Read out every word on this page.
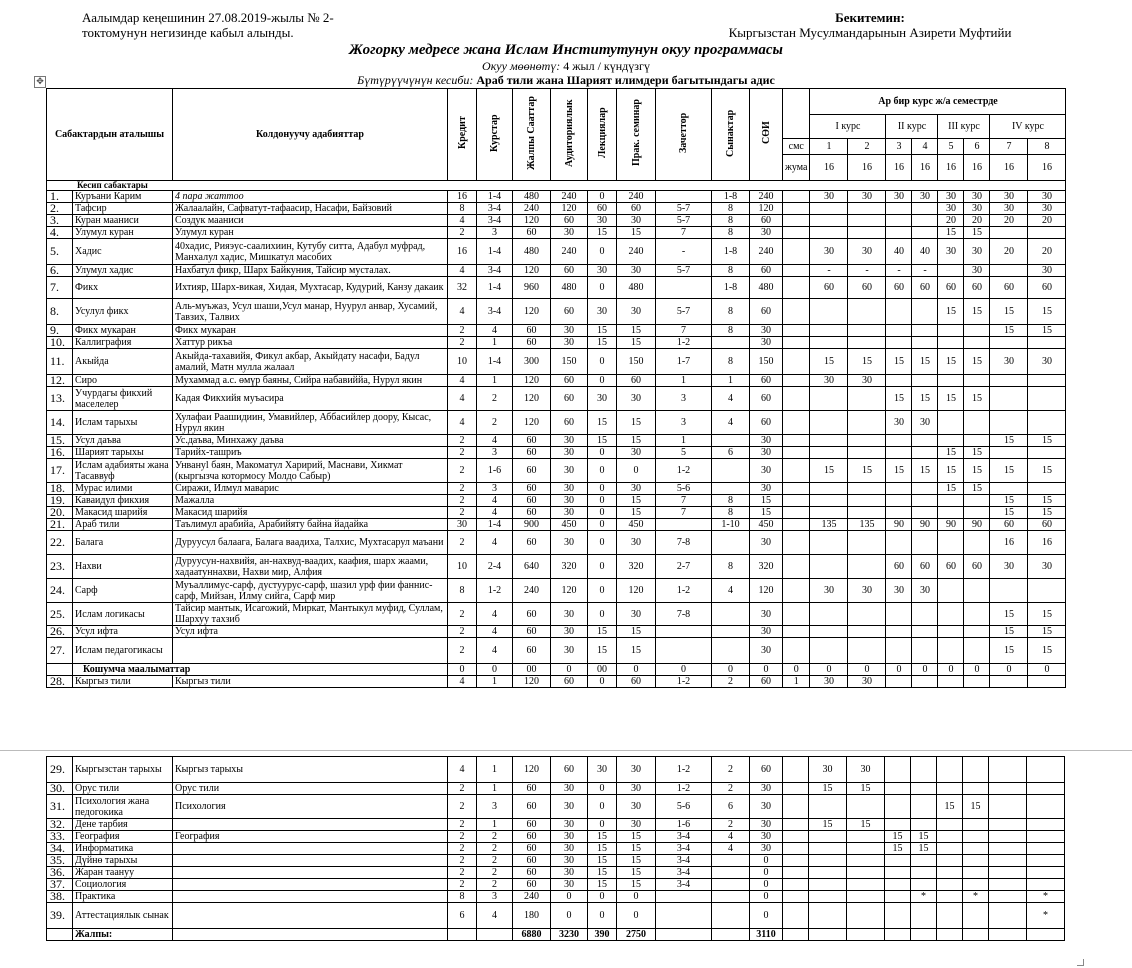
Аалымдар кеңешинин 27.08.2019-жылы № 2-
токтомунун негизинде кабыл алынды.
Бекитемин:
Кыргызстан Мусулмандарынын Азирети Муфтийи
Жогорку медресе жана Ислам Институтунун окуу программасы
Окуу мөөнөтү: 4 жыл / күндүзгү
Бүтүрүүчүнүн кесиби: Араб тили жана Шарият илимдери багытындагы адис
✥
Сабактардын аталышы		Колдонуучу адабияттар	Кредит	Курстар	Жалпы Сааттар	Аудиториялык	Лекциялар	Прак. семинар	Зачеттор	Сынактар	СӨИ		Ар бир курс ж/а семестрде							
													I курс		II курс		III курс		IV курс	
												смс	1	2	3	4	5	6	7	8
												жума	16	16	16	16	16	16	16	16
Кесип сабактары																				
1.	Куръани Карим	4 пара жаттоо	16	1-4	480	240	0	240		1-8	240		30	30	30	30	30	30	30	30
2.	Тафсир	Жалаалайн, Сафватут-тафаасир, Насафи, Байзовий	8	3-4	240	120	60	60	5-7	8	120						30	30	30	30
3.	Куран мааниси	Создук мааниси	4	3-4	120	60	30	30	5-7	8	60						20	20	20	20
4.	Улумул куран	Улумул куран	2	3	60	30	15	15	7	8	30						15	15		
5.	Хадис	40хадис, Рияэус-саалихиин, Кутубу ситта, Адабул муфрад, Манхалул хадис, Мишкатул масобих	16	1-4	480	240	0	240	-	1-8	240		30	30	40	40	30	30	20	20
6.	Улумул хадис	Нахбатул фикр, Шарх Байкуния, Тайсир мусталах.	4	3-4	120	60	30	30	5-7	8	60		-	-	-	-		30		30
7.	Фикх	Ихтияр, Шарх-викая, Хидая, Мухтасар, Кудурий, Канзу дакаик	32	1-4	960	480	0	480		1-8	480		60	60	60	60	60	60	60	60
8.	Усулул фикх	Аль-муъжаз, Усул шаши,Усул манар, Нуурул анвар, Хусамий, Тавзих, Талвих	4	3-4	120	60	30	30	5-7	8	60						15	15	15	15
9.	Фикх мукаран	Фикх мукаран	2	4	60	30	15	15	7	8	30								15	15
10.	Каллиграфия	Хаттур рикъа	2	1	60	30	15	15	1-2		30									
11.	Акыйда	Акыйда-тахавийя, Фикул акбар, Акыйдату насафи, Бадул амалий, Матн мулла жалаал	10	1-4	300	150	0	150	1-7	8	150		15	15	15	15	15	15	30	30
12.	Сиро	Мухаммад а.с. өмүр баяны, Сийра набавиййа, Нурул якин	4	1	120	60	0	60	1	1	60		30	30						
13.	Учурдагы фикхий маселелер	Кадая Фикхийя муъасира	4	2	120	60	30	30	3	4	60				15	15	15	15		
14.	Ислам тарыхы	Хулафаи Раашидиин, Умавийлер, Аббасийлер доору, Кысас, Нурул якин	4	2	120	60	15	15	3	4	60				30	30				
15.	Усул даъва	Ус.даъва, Минхажу даъва	2	4	60	30	15	15	1		30								15	15
16.	Шарият тарыхы	Тарийх-ташриъ	2	3	60	30	0	30	5	6	30						15	15		
17.	Ислам адабияты жана Тасаввуф	Унвануl баян, Макоматул Харирий, Маснави, Хикмат (кыргызча котормосу Молдо Сабыр)	2	1-6	60	30	0	0	1-2		30		15	15	15	15	15	15	15	15
18.	Мурас илими	Сиражи, Илмул маварис	2	3	60	30	0	30	5-6		30						15	15		
19.	Каваидул фикхия	Мажалла	2	4	60	30	0	15	7	8	15								15	15
20.	Макасид шарийя	Макасид шарийя	2	4	60	30	0	15	7	8	15								15	15
21.	Араб тили	Таълимул арабийа, Арабийяту байна йадайка	30	1-4	900	450	0	450		1-10	450		135	135	90	90	90	90	60	60
22.	Балага	Дуруусул балаага, Балага ваадиха, Талхис, Мухтасарул маъани	2	4	60	30	0	30	7-8		30								16	16
23.	Нахви	Дуруусун-нахвийя, ан-нахвуд-ваадих, каафия, шарх жаами, хадаатуннахви, Нахви мир, Алфия	10	2-4	640	320	0	320	2-7	8	320				60	60	60	60	30	30
24.	Сарф	Муъаллимус-сарф, дустуурус-сарф, шазил урф фии фаннис-сарф, Мийзан, Илму сийга, Сарф мир	8	1-2	240	120	0	120	1-2	4	120		30	30	30	30				
25.	Ислам логикасы	Тайсир мантык, Исагожий, Миркат, Мантыкул муфид, Суллам, Шархуу тахзиб	2	4	60	30	0	30	7-8		30								15	15
26.	Усул ифта	Усул ифта	2	4	60	30	15	15			30								15	15
27.	Ислам педагогикасы		2	4	60	30	15	15			30								15	15
	Кошумча маалыматтар		0	0	00	0	00	0	0	0	0	0	0	0	0	0	0	0	0	0
28.	Кыргыз тили	Кыргыз тили	4	1	120	60	0	60	1-2	2	60	1	30	30						
29.	Кыргызстан тарыхы	Кыргыз тарыхы	4	1	120	60	30	30	1-2	2	60		30	30						
30.	Орус тили	Орус тили	2	1	60	30	0	30	1-2	2	30		15	15						
31.	Психология жана педогокика	Психология	2	3	60	30	0	30	5-6	6	30						15	15		
32.	Дене тарбия		2	1	60	30	0	30	1-6	2	30		15	15						
33.	География	География	2	2	60	30	15	15	3-4	4	30				15	15				
34.	Информатика		2	2	60	30	15	15	3-4	4	30				15	15				
35.	Дүйнө тарыхы		2	2	60	30	15	15	3-4		0									
36.	Жаран таануу		2	2	60	30	15	15	3-4		0									
37.	Социология		2	2	60	30	15	15	3-4		0									
38.	Практика		8	3	240	0	0	0			0					*		*		*
39.	Аттестациялык сынак		6	4	180	0	0	0			0									*
	Жалпы:				6880	3230	390	2750			3110									
